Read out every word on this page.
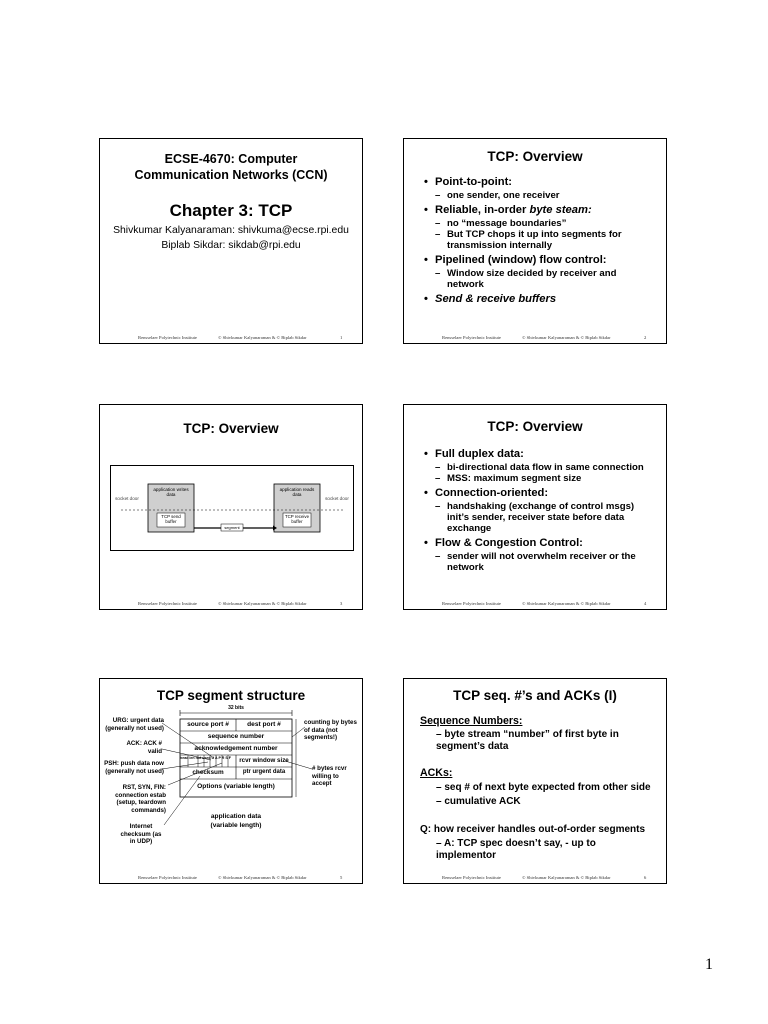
ECSE-4670: Computer
Communication Networks (CCN)
Chapter 3: TCP
Shivkumar Kalyanaraman: shivkuma@ecse.rpi.edu
Biplab Sikdar: sikdab@rpi.edu
Rensselaer Polytechnic Institute	© Shivkumar Kalyanaraman & © Biplab Sikdar	1
TCP: Overview
• Point-to-point:
– one sender, one receiver
• Reliable, in-order byte steam:
– no “message boundaries”
– But TCP chops it up into segments for transmission internally
• Pipelined (window) flow control:
– Window size decided by receiver and network
• Send & receive buffers
Rensselaer Polytechnic Institute	© Shivkumar Kalyanaraman & © Biplab Sikdar	2
TCP: Overview
application writes data
application reads data
socket door	socket door
TCP send buffer
TCP receive buffer
segment
Rensselaer Polytechnic Institute	© Shivkumar Kalyanaraman & © Biplab Sikdar	3
TCP: Overview
• Full duplex data:
– bi-directional data flow in same connection
– MSS: maximum segment size
• Connection-oriented:
– handshaking (exchange of control msgs) init’s sender, receiver state before data exchange
• Flow & Congestion Control:
– sender will not overwhelm receiver or the network
Rensselaer Polytechnic Institute	© Shivkumar Kalyanaraman & © Biplab Sikdar	4
TCP segment structure
32 bits
source port #	dest port #
sequence number
acknowledgement number
head len not used U A P R S F	rcvr window size
checksum	ptr urgent data
Options (variable length)
application data (variable length)
URG: urgent data (generally not used)
ACK: ACK # valid
PSH: push data now (generally not used)
RST, SYN, FIN: connection estab (setup, teardown commands)
Internet checksum (as in UDP)
counting by bytes of data (not segments!)
# bytes rcvr willing to accept
Rensselaer Polytechnic Institute	© Shivkumar Kalyanaraman & © Biplab Sikdar	5
TCP seq. #’s and ACKs (I)
Sequence Numbers:
– byte stream “number” of first byte in segment’s data
ACKs:
– seq # of next byte expected from other side
– cumulative ACK
Q: how receiver handles out-of-order segments
– A: TCP spec doesn’t say, - up to implementor
Rensselaer Polytechnic Institute	© Shivkumar Kalyanaraman & © Biplab Sikdar	6
1
